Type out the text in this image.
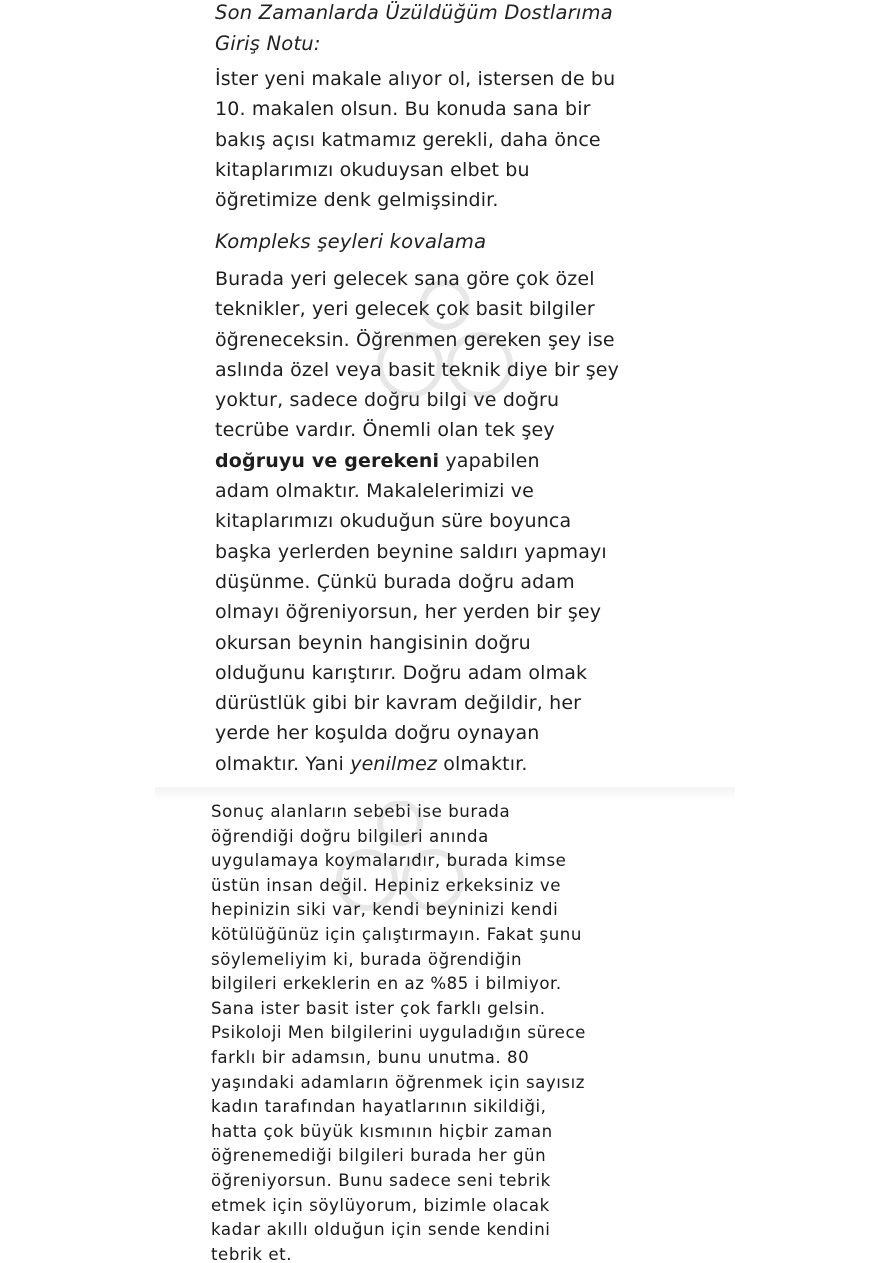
Son Zamanlarda Üzüldüğüm Dostlarıma
Giriş Notu:

İster yeni makale alıyor ol, istersen de bu
10. makalen olsun. Bu konuda sana bir
bakış açısı katmamız gerekli, daha önce
kitaplarımızı okuduysan elbet bu
öğretimize denk gelmişsindir.

Kompleks şeyleri kovalama

Burada yeri gelecek sana göre çok özel
teknikler, yeri gelecek çok basit bilgiler
öğreneceksin. Öğrenmen gereken şey ise
aslında özel veya basit teknik diye bir şey
yoktur, sadece doğru bilgi ve doğru
tecrübe vardır. Önemli olan tek şey
doğruyu ve gerekeni yapabilen
adam olmaktır. Makalelerimizi ve
kitaplarımızı okuduğun süre boyunca
başka yerlerden beynine saldırı yapmayı
düşünme. Çünkü burada doğru adam
olmayı öğreniyorsun, her yerden bir şey
okursan beynin hangisinin doğru
olduğunu karıştırır. Doğru adam olmak
dürüstlük gibi bir kavram değildir, her
yerde her koşulda doğru oynayan
olmaktır. Yani yenilmez olmaktır.

Sonuç alanların sebebi ise burada
öğrendiği doğru bilgileri anında
uygulamaya koymalarıdır, burada kimse
üstün insan değil. Hepiniz erkeksiniz ve
hepinizin siki var, kendi beyninizi kendi
kötülüğünüz için çalıştırmayın. Fakat şunu
söylemeliyim ki, burada öğrendiğin
bilgileri erkeklerin en az %85 i bilmiyor.
Sana ister basit ister çok farklı gelsin.
Psikoloji Men bilgilerini uyguladığın sürece
farklı bir adamsın, bunu unutma. 80
yaşındaki adamların öğrenmek için sayısız
kadın tarafından hayatlarının sikildiği,
hatta çok büyük kısmının hiçbir zaman
öğrenemediği bilgileri burada her gün
öğreniyorsun. Bunu sadece seni tebrik
etmek için söylüyorum, bizimle olacak
kadar akıllı olduğun için sende kendini
tebrik et.
